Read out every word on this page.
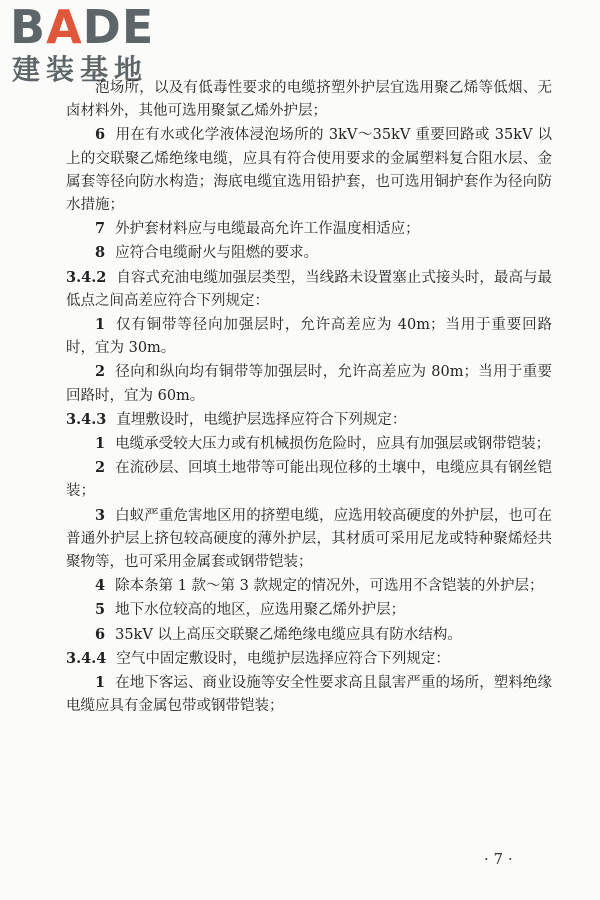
BADE
建装基地

泡场所，以及有低毒性要求的电缆挤塑外护层宜选用聚乙烯等低烟、无卤材料外，其他可选用聚氯乙烯外护层；

6 用在有水或化学液体浸泡场所的 3kV～35kV 重要回路或 35kV 以上的交联聚乙烯绝缘电缆，应具有符合使用要求的金属塑料复合阻水层、金属套等径向防水构造；海底电缆宜选用铅护套，也可选用铜护套作为径向防水措施；

7 外护套材料应与电缆最高允许工作温度相适应；

8 应符合电缆耐火与阻燃的要求。

3.4.2 自容式充油电缆加强层类型，当线路未设置塞止式接头时，最高与最低点之间高差应符合下列规定：

1 仅有铜带等径向加强层时，允许高差应为 40m；当用于重要回路时，宜为 30m。

2 径向和纵向均有铜带等加强层时，允许高差应为 80m；当用于重要回路时，宜为 60m。

3.4.3 直埋敷设时，电缆护层选择应符合下列规定：

1 电缆承受较大压力或有机械损伤危险时，应具有加强层或钢带铠装；

2 在流砂层、回填土地带等可能出现位移的土壤中，电缆应具有钢丝铠装；

3 白蚁严重危害地区用的挤塑电缆，应选用较高硬度的外护层，也可在普通外护层上挤包较高硬度的薄外护层，其材质可采用尼龙或特种聚烯烃共聚物等，也可采用金属套或钢带铠装；

4 除本条第 1 款～第 3 款规定的情况外，可选用不含铠装的外护层；

5 地下水位较高的地区，应选用聚乙烯外护层；

6 35kV 以上高压交联聚乙烯绝缘电缆应具有防水结构。

3.4.4 空气中固定敷设时，电缆护层选择应符合下列规定：

1 在地下客运、商业设施等安全性要求高且鼠害严重的场所，塑料绝缘电缆应具有金属包带或钢带铠装；

· 7 ·
